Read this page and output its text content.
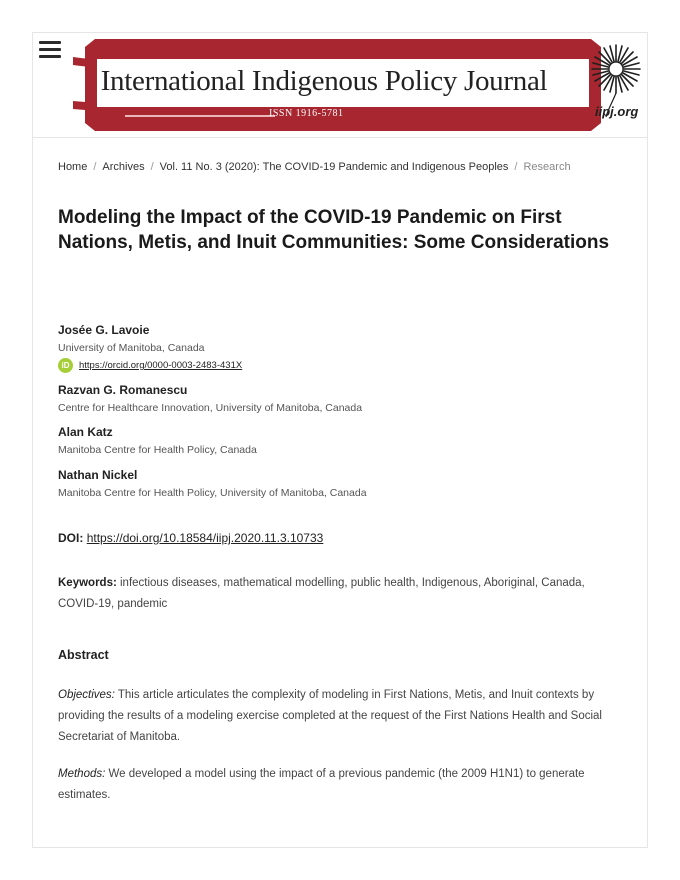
International Indigenous Policy Journal
ISSN 1916-5781	iipj.org
Home / Archives / Vol. 11 No. 3 (2020): The COVID-19 Pandemic and Indigenous Peoples / Research
Modeling the Impact of the COVID-19 Pandemic on First Nations, Metis, and Inuit Communities: Some Considerations
Josée G. Lavoie
University of Manitoba, Canada
iD	https://orcid.org/0000-0003-2483-431X
Razvan G. Romanescu
Centre for Healthcare Innovation, University of Manitoba, Canada
Alan Katz
Manitoba Centre for Health Policy, Canada
Nathan Nickel
Manitoba Centre for Health Policy, University of Manitoba, Canada
DOI: https://doi.org/10.18584/iipj.2020.11.3.10733
Keywords: infectious diseases, mathematical modelling, public health, Indigenous, Aboriginal, Canada, COVID-19, pandemic
Abstract

Objectives: This article articulates the complexity of modeling in First Nations, Metis, and Inuit contexts by providing the results of a modeling exercise completed at the request of the First Nations Health and Social Secretariat of Manitoba.

Methods: We developed a model using the impact of a previous pandemic (the 2009 H1N1) to generate estimates.
